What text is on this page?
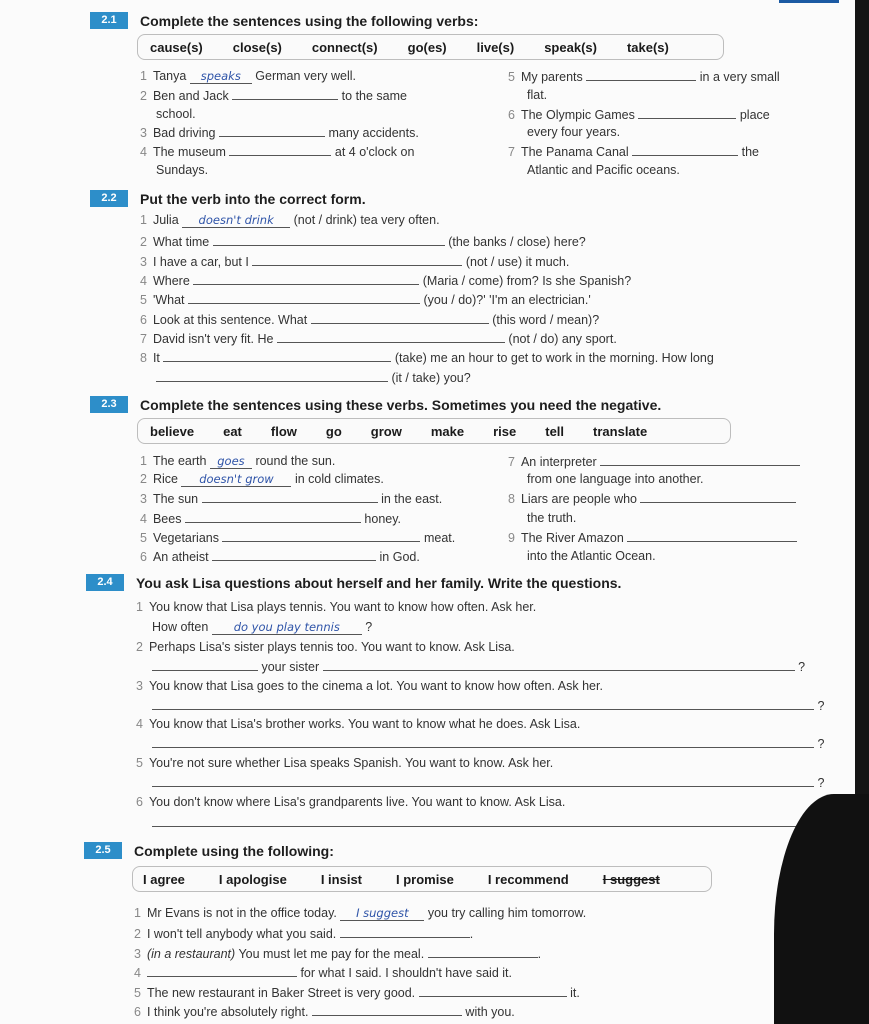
2.1	Complete the sentences using the following verbs:
cause(s) close(s) connect(s) go(es) live(s) speak(s) take(s)
1 Tanya speaks German very well.
2 Ben and Jack	to the same
school.
3 Bad driving	many accidents.
4 The museum	at 4 o'clock on
Sundays.
5 My parents	in a very small
flat.
6 The Olympic Games	place
every four years.
7 The Panama Canal	the
Atlantic and Pacific oceans.
2.2	Put the verb into the correct form.
1 Julia doesn't drink (not / drink) tea very often.
2 What time	(the banks / close) here?
3 I have a car, but I	(not / use) it much.
4 Where	(Maria / come) from? Is she Spanish?
5 'What	(you / do)?' 'I'm an electrician.'
6 Look at this sentence. What	(this word / mean)?
7 David isn't very fit. He	(not / do) any sport.
8 It	(take) me an hour to get to work in the morning. How long
(it / take) you?
2.3	Complete the sentences using these verbs. Sometimes you need the negative.
believe eat flow go grow make rise tell translate
1 The earth goes round the sun.
2 Rice doesn't grow in cold climates.
3 The sun	in the east.
4 Bees	honey.
5 Vegetarians	meat.
6 An atheist	in God.
7 An interpreter
from one language into another.
8 Liars are people who
the truth.
9 The River Amazon
into the Atlantic Ocean.
2.4	You ask Lisa questions about herself and her family. Write the questions.
1 You know that Lisa plays tennis. You want to know how often. Ask her.
How often do you play tennis ?
2 Perhaps Lisa's sister plays tennis too. You want to know. Ask Lisa.
your sister	?
3 You know that Lisa goes to the cinema a lot. You want to know how often. Ask her.
?
4 You know that Lisa's brother works. You want to know what he does. Ask Lisa.
?
5 You're not sure whether Lisa speaks Spanish. You want to know. Ask her.
?
6 You don't know where Lisa's grandparents live. You want to know. Ask Lisa.
2.5	Complete using the following:
I agree	I apologise	I insist	I promise	I recommend	I suggest
1 Mr Evans is not in the office today. I suggest you try calling him tomorrow.
2 I won't tell anybody what you said.	.
3 (in a restaurant) You must let me pay for the meal.	.
4	for what I said. I shouldn't have said it.
5 The new restaurant in Baker Street is very good.	it.
6 I think you're absolutely right.	with you.
